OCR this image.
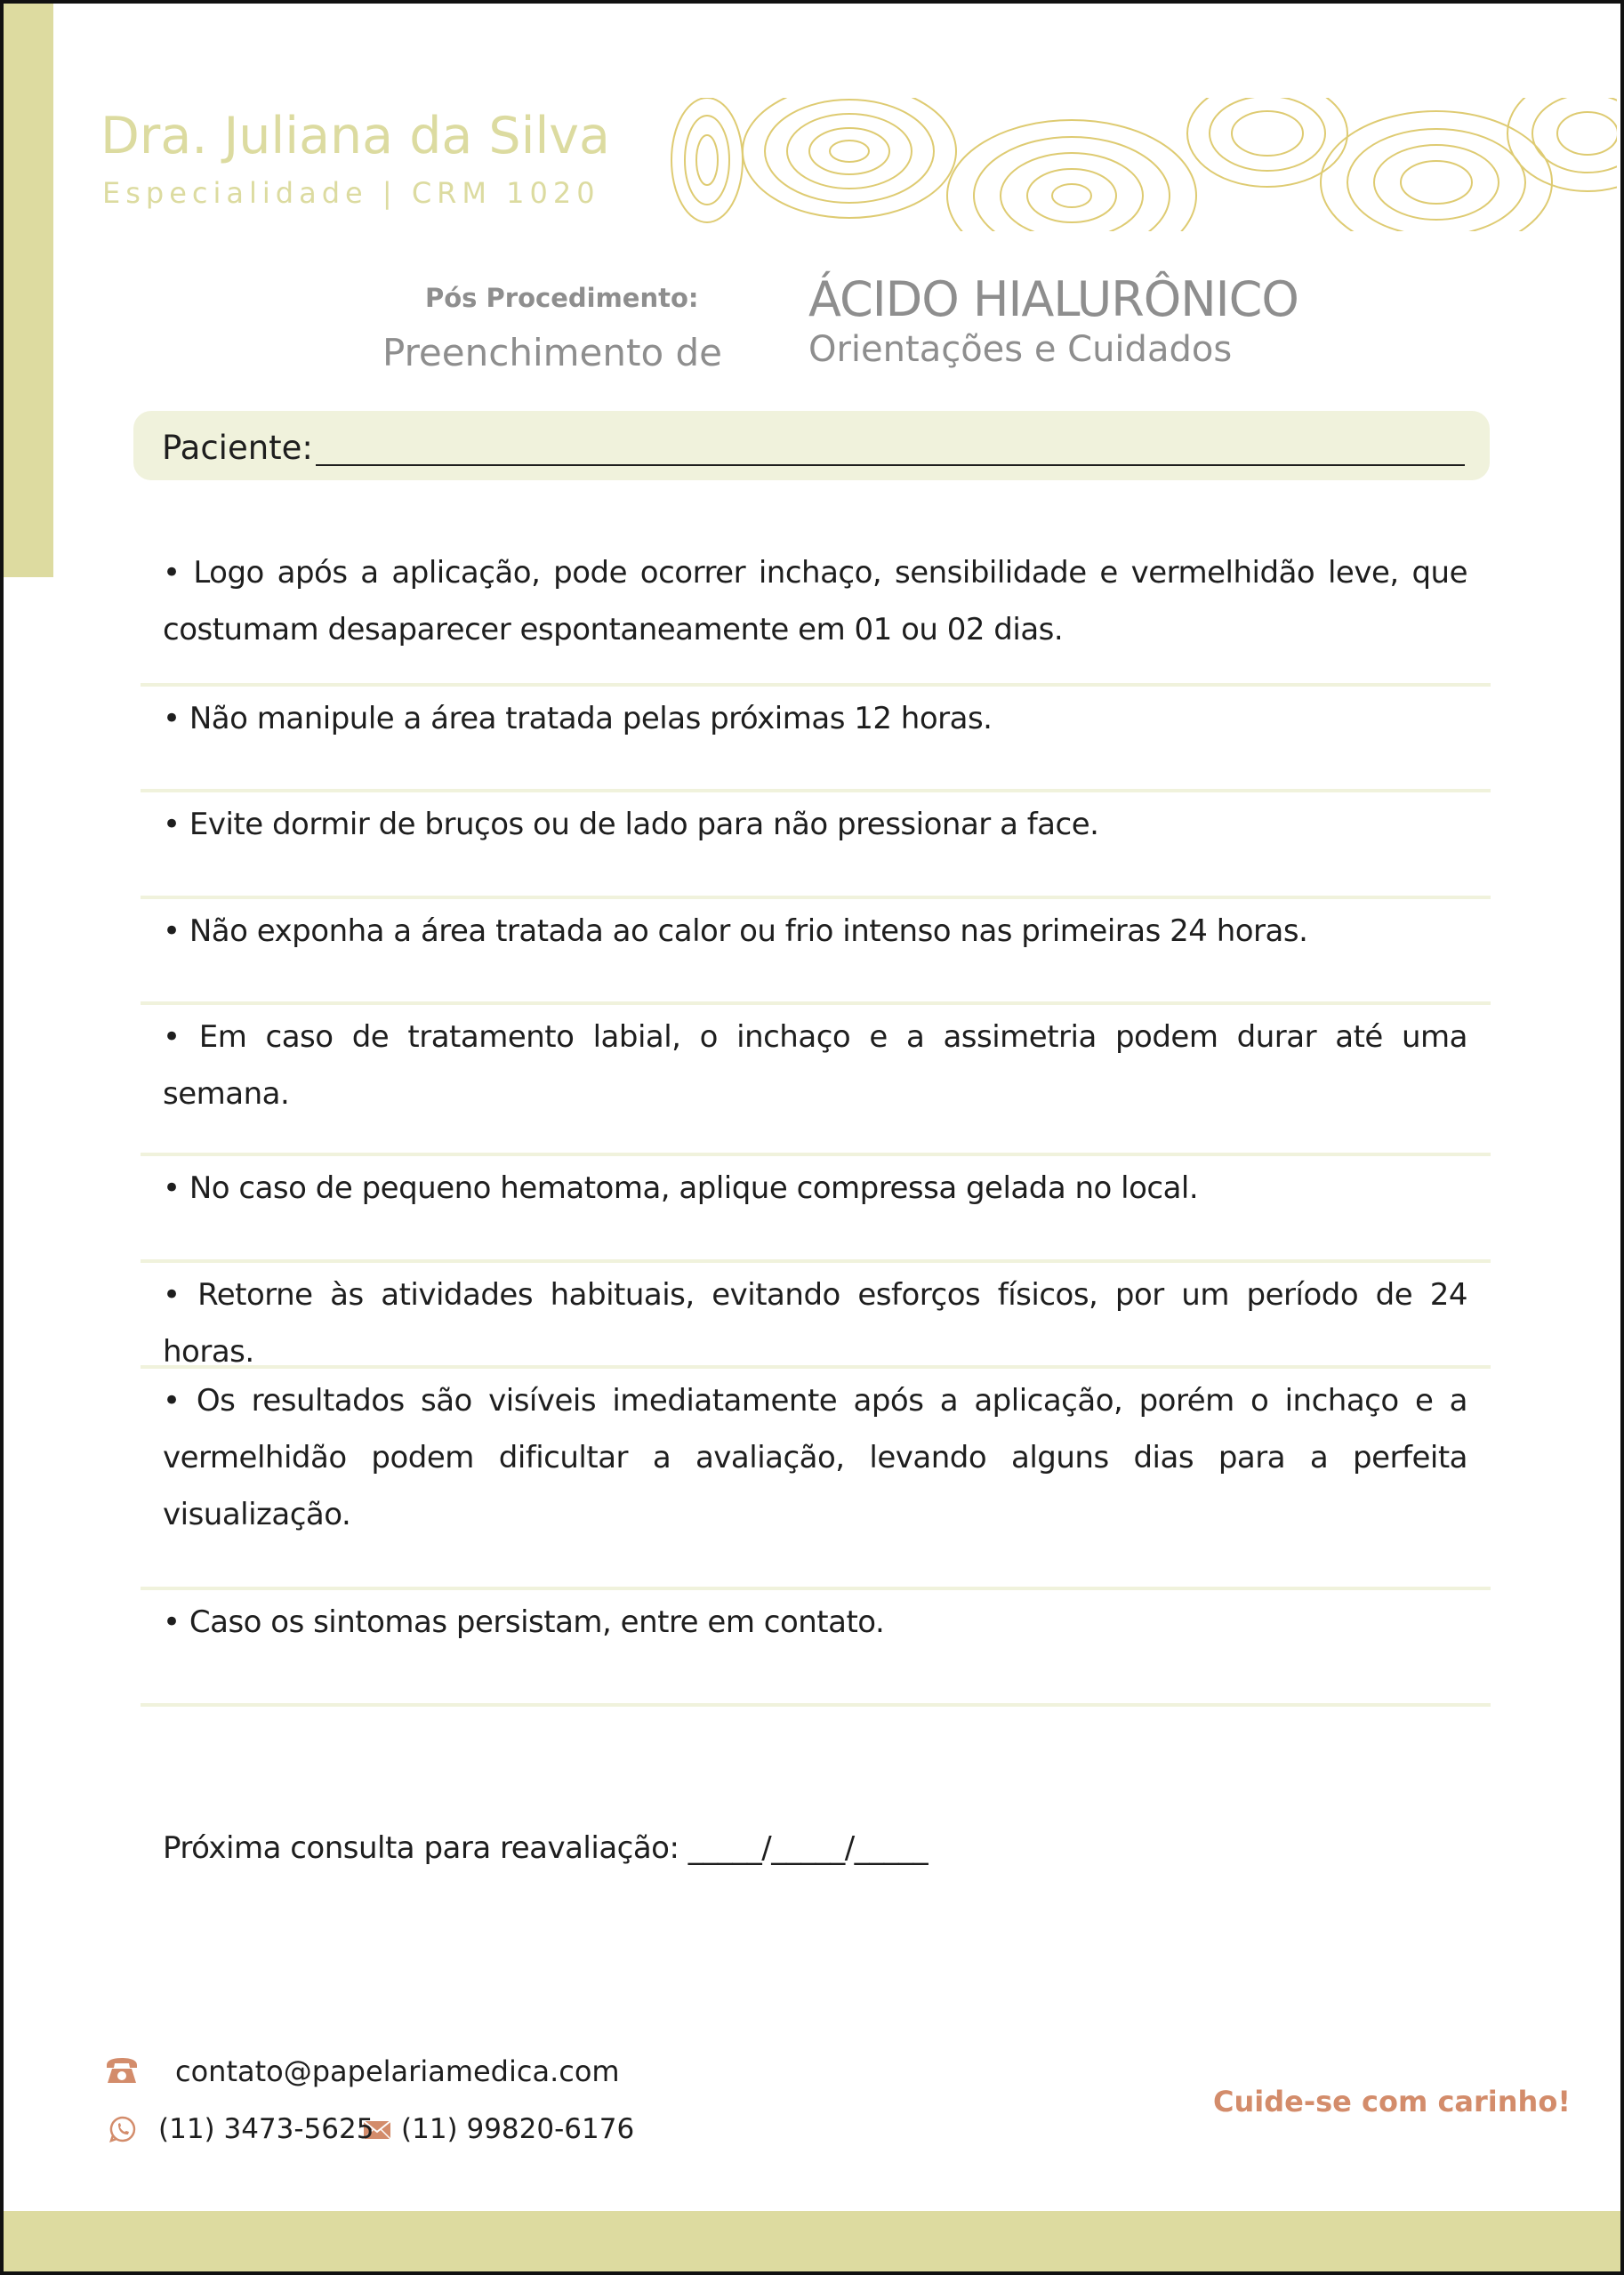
Dra. Juliana da Silva
Especialidade | CRM 1020
Pós Procedimento:
Preenchimento de
ÁCIDO HIALURÔNICO
Orientações e Cuidados
Paciente:

• Logo após a aplicação, pode ocorrer inchaço, sensibilidade e vermelhidão leve, que costumam desaparecer espontaneamente em 01 ou 02 dias.

• Não manipule a área tratada pelas próximas 12 horas.

• Evite dormir de bruços ou de lado para não pressionar a face.

• Não exponha a área tratada ao calor ou frio intenso nas primeiras 24 horas.

• Em caso de tratamento labial, o inchaço e a assimetria podem durar até uma semana.

• No caso de pequeno hematoma, aplique compressa gelada no local.

• Retorne às atividades habituais, evitando esforços físicos, por um período de 24 horas.

• Os resultados são visíveis imediatamente após a aplicação, porém o inchaço e a vermelhidão podem dificultar a avaliação, levando alguns dias para a perfeita visualização.

• Caso os sintomas persistam, entre em contato.

Próxima consulta para reavaliação: _____/_____/_____
contato@papelariamedica.com
(11) 3473-5625 (11) 99820-6176
Cuide-se com carinho!
